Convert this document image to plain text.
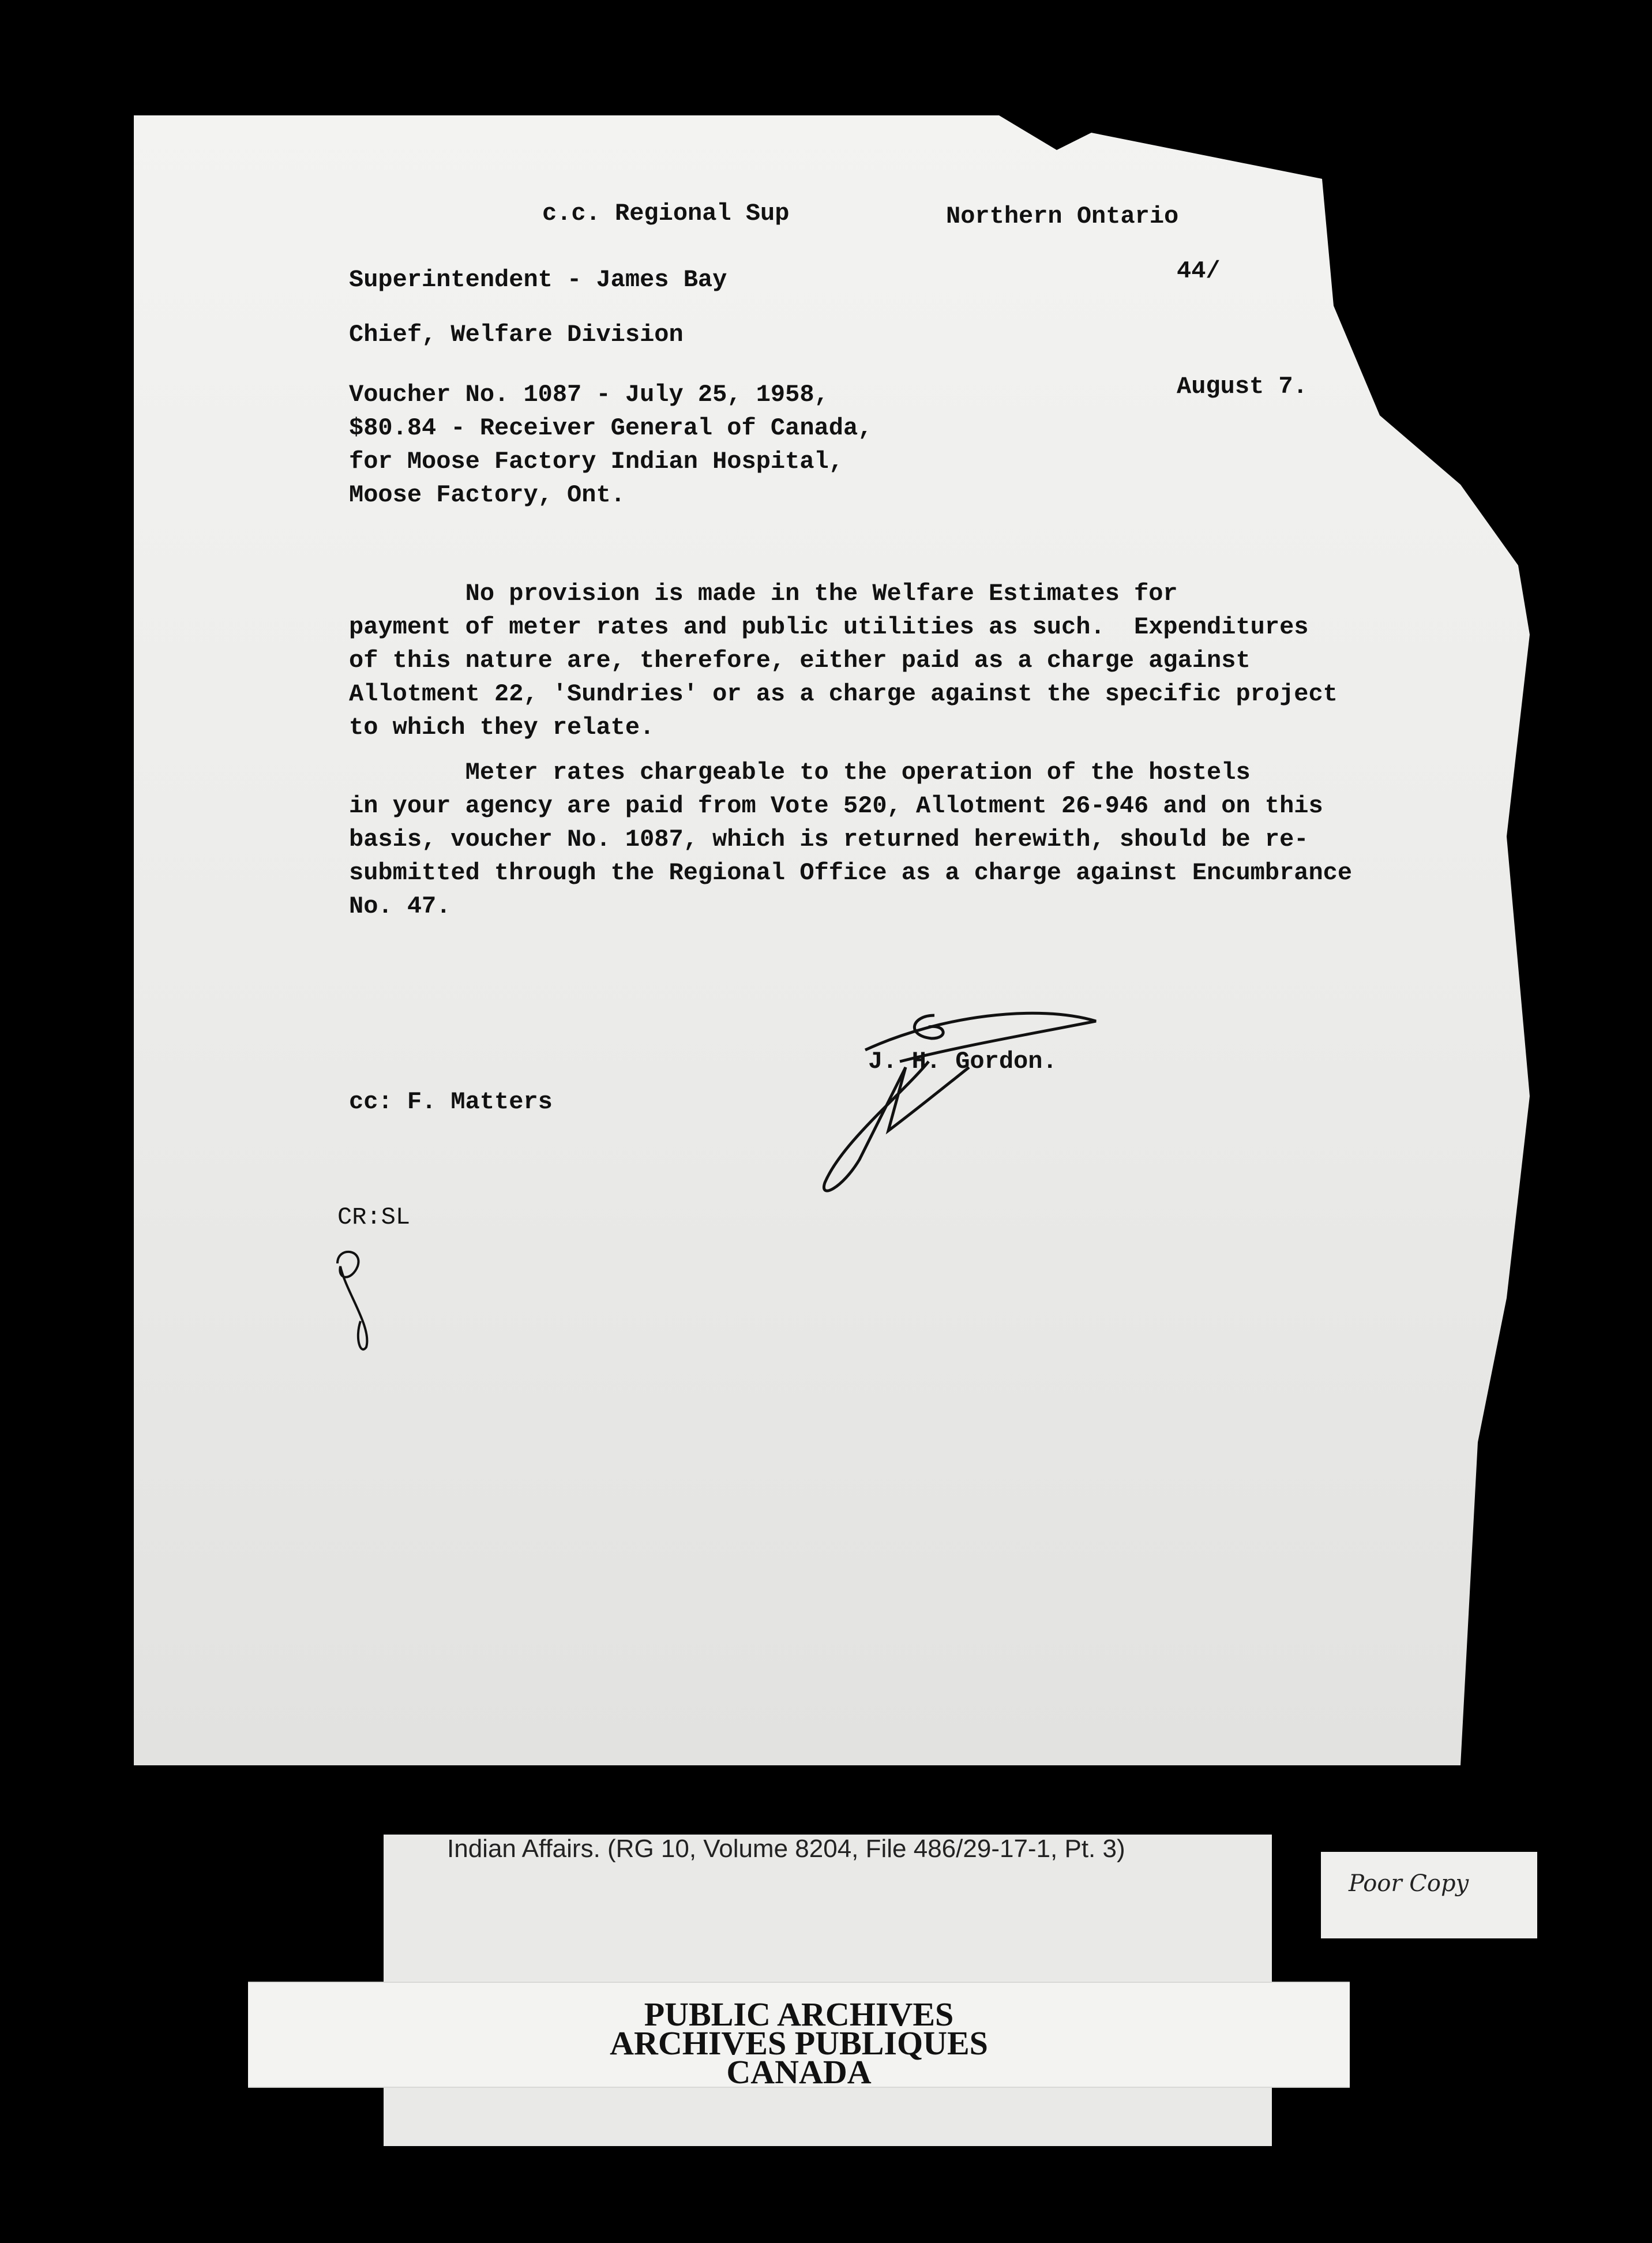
c.c. Regional Sup	Northern Ontario
44/
Superintendent - James Bay
Chief, Welfare Division
August 7.
Voucher No. 1087 - July 25, 1958,
$80.84 - Receiver General of Canada,
for Moose Factory Indian Hospital,
Moose Factory, Ont.
No provision is made in the Welfare Estimates for
payment of meter rates and public utilities as such.  Expenditures
of this nature are, therefore, either paid as a charge against
Allotment 22, 'Sundries' or as a charge against the specific project
to which they relate.
Meter rates chargeable to the operation of the hostels
in your agency are paid from Vote 520, Allotment 26-946 and on this
basis, voucher No. 1087, which is returned herewith, should be re-
submitted through the Regional Office as a charge against Encumbrance
No. 47.
J. H. Gordon.
cc: F. Matters
CR:SL
Indian Affairs. (RG 10, Volume 8204, File 486/29-17-1, Pt. 3)
PUBLIC ARCHIVES
ARCHIVES PUBLIQUES
CANADA
Poor Copy
